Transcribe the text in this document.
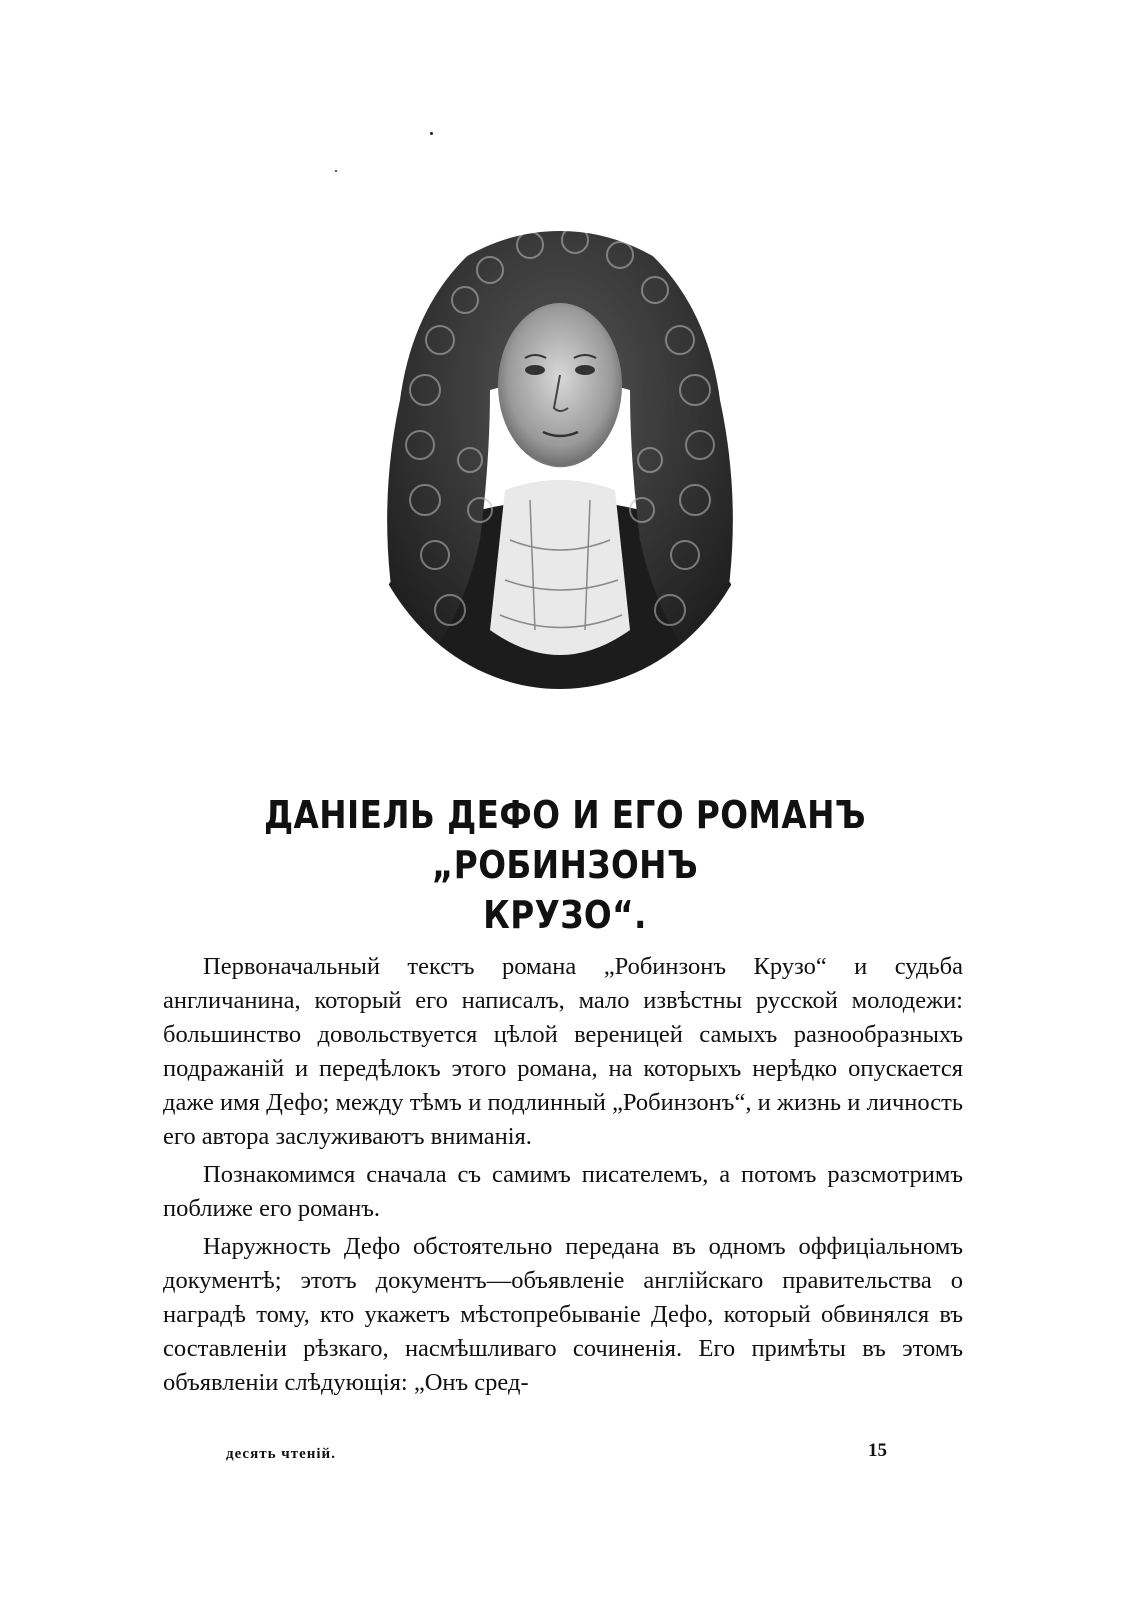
ДАНІЕЛЬ ДЕФО И ЕГО РОМАНЪ „РОБИНЗОНЪ
КРУЗО“.

Первоначальный текстъ романа „Робинзонъ Крузо“ и судьба англичанина, который его написалъ, мало извѣстны русской молодежи: большинство довольствуется цѣлой вереницей самыхъ разнообразныхъ подражаній и передѣлокъ этого романа, на которыхъ нерѣдко опускается даже имя Дефо; между тѣмъ и подлинный „Робинзонъ“, и жизнь и личность его автора заслуживаютъ вниманія.

Познакомимся сначала съ самимъ писателемъ, а потомъ разсмотримъ поближе его романъ.

Наружность Дефо обстоятельно передана въ одномъ оффиціальномъ документѣ; этотъ документъ—объявленіе англійскаго правительства о наградѣ тому, кто укажетъ мѣстопребываніе Дефо, который обвинялся въ составленіи рѣзкаго, насмѣшливаго сочиненія. Его примѣты въ этомъ объявленіи слѣдующія: „Онъ сред-

десять чтеній.	15
